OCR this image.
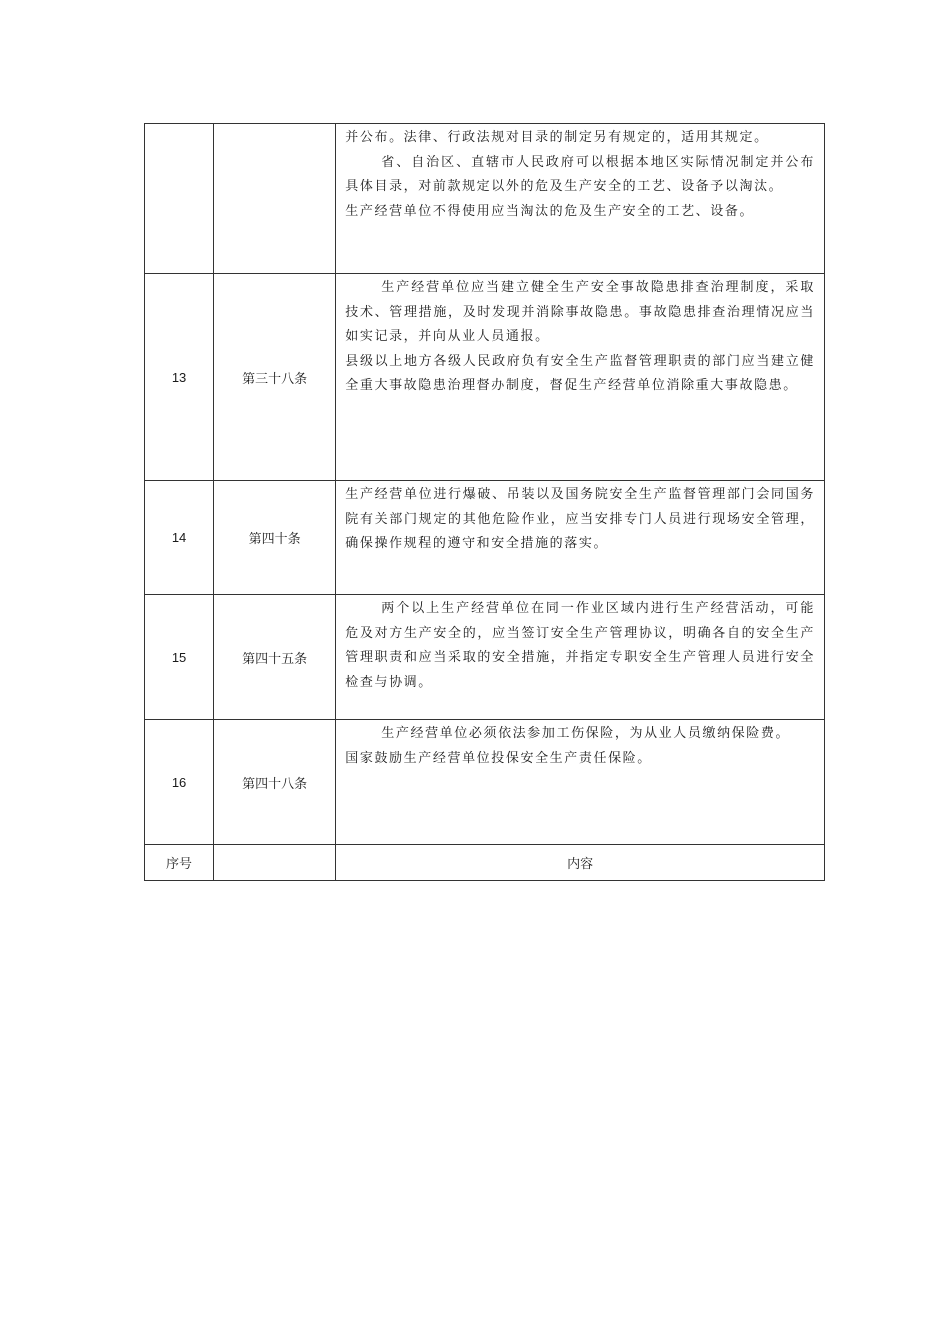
		并公布。法律、行政法规对目录的制定另有规定的，适用其规定。

省、自治区、直辖市人民政府可以根据本地区实际情况制定并公布具体目录，对前款规定以外的危及生产安全的工艺、设备予以淘汰。

生产经营单位不得使用应当淘汰的危及生产安全的工艺、设备。

13	第三十八条	生产经营单位应当建立健全生产安全事故隐患排查治理制度，采取技术、管理措施，及时发现并消除事故隐患。事故隐患排查治理情况应当如实记录，并向从业人员通报。

县级以上地方各级人民政府负有安全生产监督管理职责的部门应当建立健全重大事故隐患治理督办制度，督促生产经营单位消除重大事故隐患。

14	第四十条	生产经营单位进行爆破、吊装以及国务院安全生产监督管理部门会同国务院有关部门规定的其他危险作业，应当安排专门人员进行现场安全管理，确保操作规程的遵守和安全措施的落实。

15	第四十五条	两个以上生产经营单位在同一作业区域内进行生产经营活动，可能危及对方生产安全的，应当签订安全生产管理协议，明确各自的安全生产管理职责和应当采取的安全措施，并指定专职安全生产管理人员进行安全检查与协调。

16	第四十八条	生产经营单位必须依法参加工伤保险，为从业人员缴纳保险费。

国家鼓励生产经营单位投保安全生产责任保险。

序号		内容
